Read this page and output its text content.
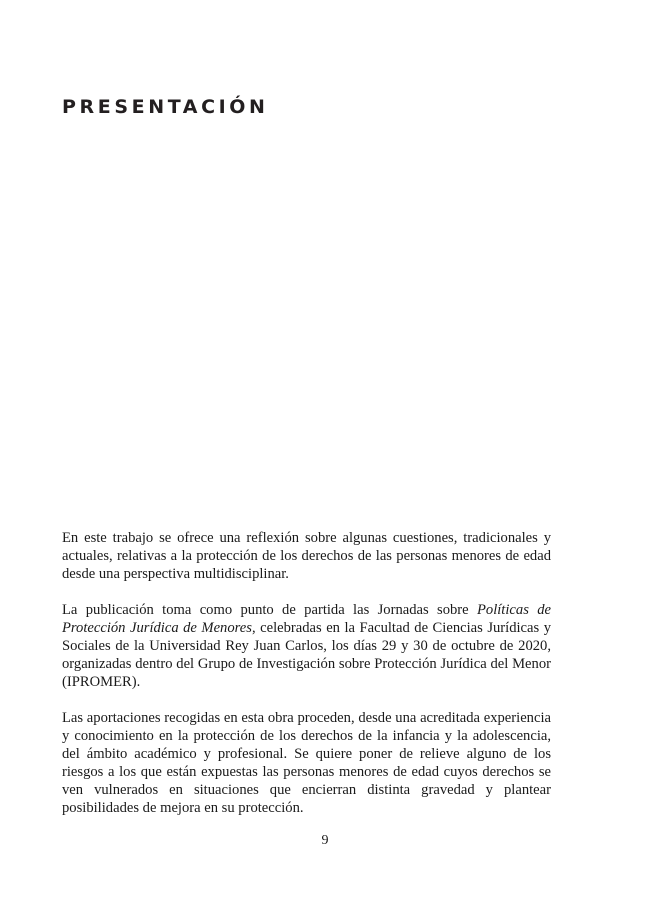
PRESENTACIÓN

En este trabajo se ofrece una reflexión sobre algunas cuestiones, tradicionales y actuales, relativas a la protección de los derechos de las personas menores de edad desde una perspectiva multidisciplinar.

La publicación toma como punto de partida las Jornadas sobre Políticas de Protección Jurídica de Menores, celebradas en la Facultad de Ciencias Jurídicas y Sociales de la Universidad Rey Juan Carlos, los días 29 y 30 de octubre de 2020, organizadas dentro del Grupo de Investigación sobre Protección Jurídica del Menor (IPROMER).

Las aportaciones recogidas en esta obra proceden, desde una acreditada experiencia y conocimiento en la protección de los derechos de la infancia y la adolescencia, del ámbito académico y profesional. Se quiere poner de relieve alguno de los riesgos a los que están expuestas las personas menores de edad cuyos derechos se ven vulnerados en situaciones que encierran distinta gravedad y plantear posibilidades de mejora en su protección.

9
